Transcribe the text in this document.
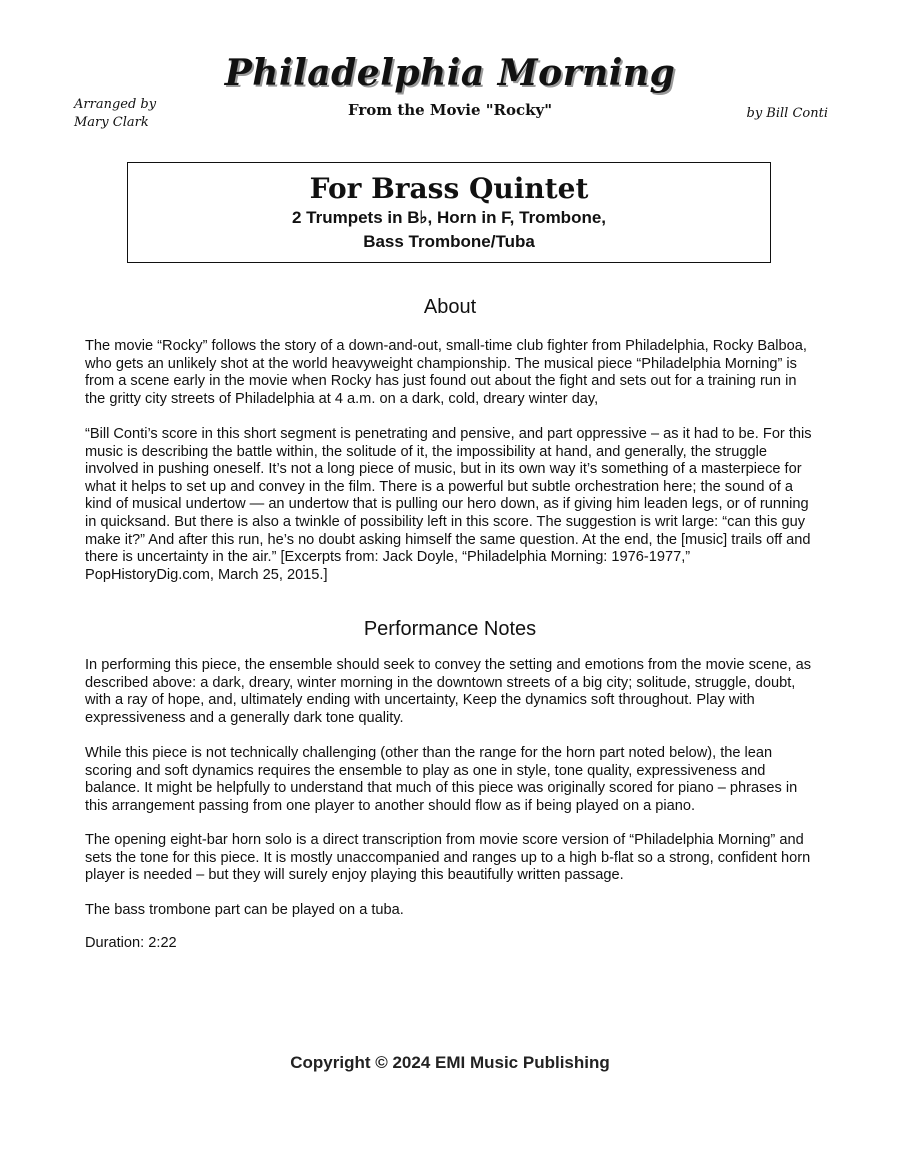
Philadelphia Morning
From the Movie "Rocky"
Arranged by
Mary Clark
by Bill Conti
For Brass Quintet
2 Trumpets in B♭, Horn in F, Trombone,
Bass Trombone/Tuba
About

The movie “Rocky” follows the story of a down-and-out, small-time club fighter from Philadelphia, Rocky Balboa, who gets an unlikely shot at the world heavyweight championship. The musical piece “Philadelphia Morning” is from a scene early in the movie when Rocky has just found out about the fight and sets out for a training run in the gritty city streets of Philadelphia at 4 a.m. on a dark, cold, dreary winter day,

“Bill Conti’s score in this short segment is penetrating and pensive, and part oppressive – as it had to be. For this music is describing the battle within, the solitude of it, the impossibility at hand, and generally, the struggle involved in pushing oneself. It’s not a long piece of music, but in its own way it’s something of a masterpiece for what it helps to set up and convey in the film. There is a powerful but subtle orchestration here; the sound of a kind of musical undertow — an undertow that is pulling our hero down, as if giving him leaden legs, or of running in quicksand. But there is also a twinkle of possibility left in this score. The suggestion is writ large: “can this guy make it?” And after this run, he’s no doubt asking himself the same question. At the end, the [music] trails off and there is uncertainty in the air.” [Excerpts from: Jack Doyle, “Philadelphia Morning: 1976-1977,” PopHistoryDig.com, March 25, 2015.]

Performance Notes

In performing this piece, the ensemble should seek to convey the setting and emotions from the movie scene, as described above: a dark, dreary, winter morning in the downtown streets of a big city; solitude, struggle, doubt, with a ray of hope, and, ultimately ending with uncertainty, Keep the dynamics soft throughout. Play with expressiveness and a generally dark tone quality.

While this piece is not technically challenging (other than the range for the horn part noted below), the lean scoring and soft dynamics requires the ensemble to play as one in style, tone quality, expressiveness and balance. It might be helpfully to understand that much of this piece was originally scored for piano – phrases in this arrangement passing from one player to another should flow as if being played on a piano.

The opening eight-bar horn solo is a direct transcription from movie score version of “Philadelphia Morning” and sets the tone for this piece. It is mostly unaccompanied and ranges up to a high b-flat so a strong, confident horn player is needed – but they will surely enjoy playing this beautifully written passage.

The bass trombone part can be played on a tuba.

Duration: 2:22

Copyright © 2024 EMI Music Publishing
